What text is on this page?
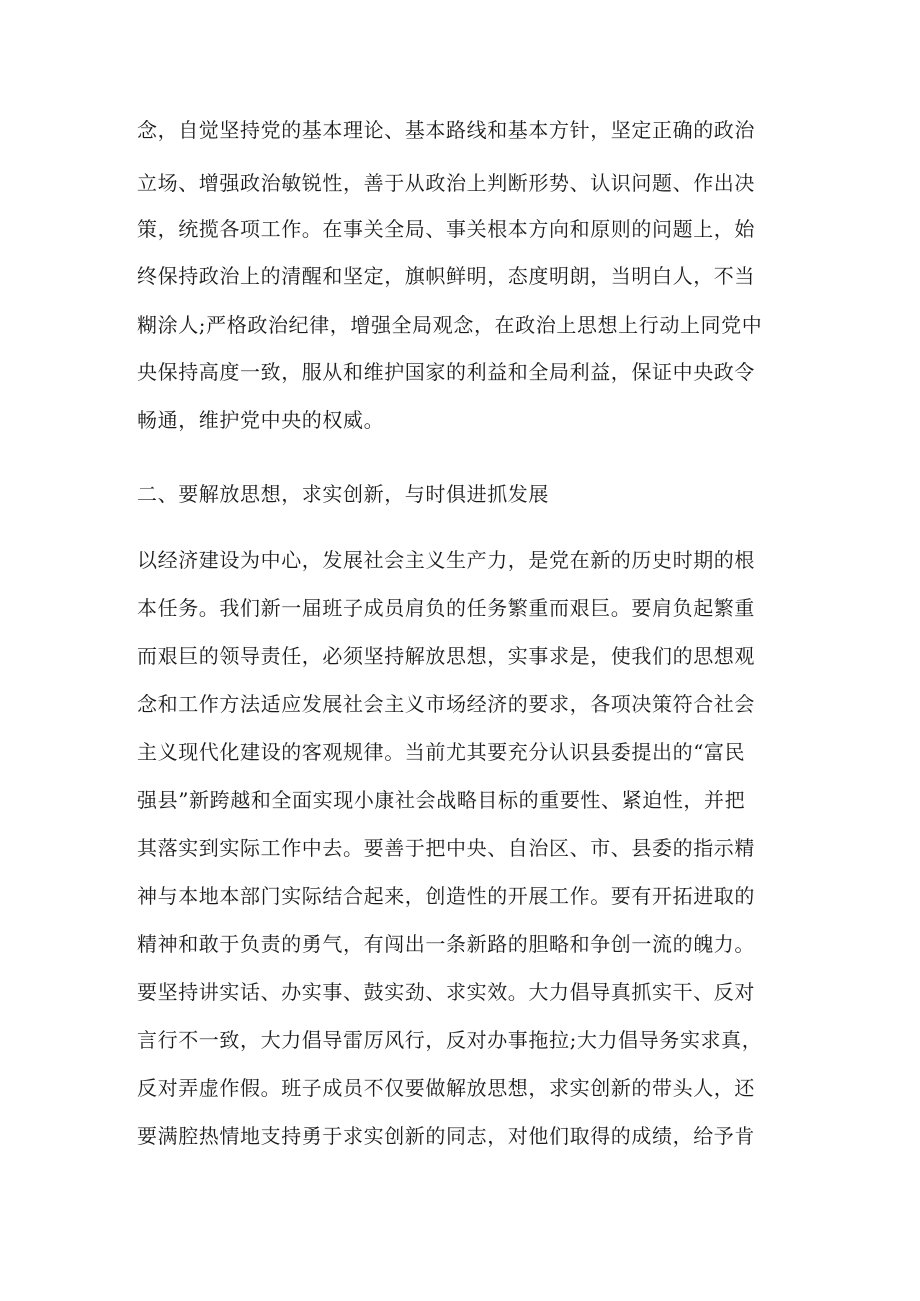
念，自觉坚持党的基本理论、基本路线和基本方针，坚定正确的政治
立场、增强政治敏锐性，善于从政治上判断形势、认识问题、作出决
策，统揽各项工作。在事关全局、事关根本方向和原则的问题上，始
终保持政治上的清醒和坚定，旗帜鲜明，态度明朗，当明白人，不当
糊涂人;严格政治纪律，增强全局观念，在政治上思想上行动上同党中
央保持高度一致，服从和维护国家的利益和全局利益，保证中央政令
畅通，维护党中央的权威。
二、要解放思想，求实创新，与时俱进抓发展
以经济建设为中心，发展社会主义生产力，是党在新的历史时期的根
本任务。我们新一届班子成员肩负的任务繁重而艰巨。要肩负起繁重
而艰巨的领导责任，必须坚持解放思想，实事求是，使我们的思想观
念和工作方法适应发展社会主义市场经济的要求，各项决策符合社会
主义现代化建设的客观规律。当前尤其要充分认识县委提出的“富民
强县”新跨越和全面实现小康社会战略目标的重要性、紧迫性，并把
其落实到实际工作中去。要善于把中央、自治区、市、县委的指示精
神与本地本部门实际结合起来，创造性的开展工作。要有开拓进取的
精神和敢于负责的勇气，有闯出一条新路的胆略和争创一流的魄力。
要坚持讲实话、办实事、鼓实劲、求实效。大力倡导真抓实干、反对
言行不一致，大力倡导雷厉风行，反对办事拖拉;大力倡导务实求真，
反对弄虚作假。班子成员不仅要做解放思想，求实创新的带头人，还
要满腔热情地支持勇于求实创新的同志，对他们取得的成绩，给予肯
